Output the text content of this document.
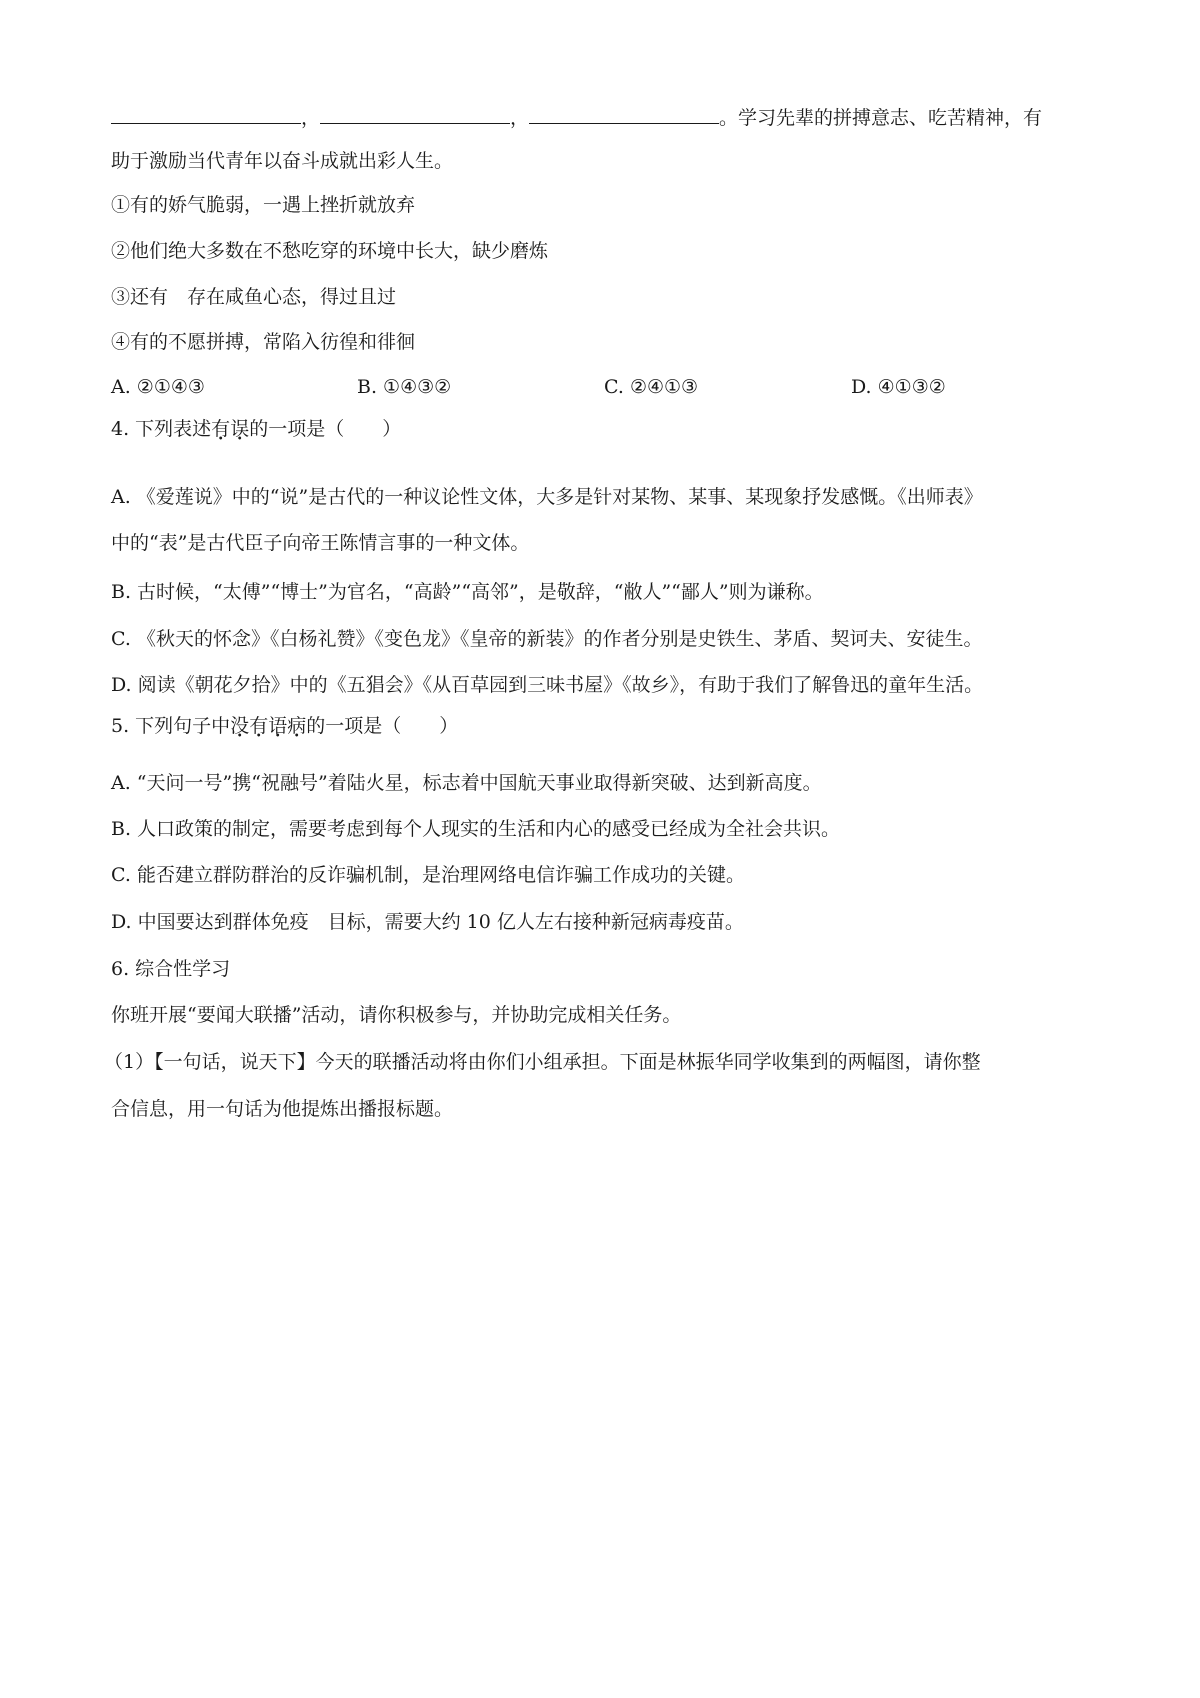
，	，	。学习先辈的拼搏意志、吃苦精神，有
助于激励当代青年以奋斗成就出彩人生。
①有的娇气脆弱，一遇上挫折就放弃
②他们绝大多数在不愁吃穿的环境中长大，缺少磨炼
③还有　存在咸鱼心态，得过且过
④有的不愿拼搏，常陷入彷徨和徘徊
A. ②①④③	B. ①④③②	C. ②④①③	D. ④①③②
4. 下列表述有误的一项是（　　）
A. 《爱莲说》中的“说”是古代的一种议论性文体，大多是针对某物、某事、某现象抒发感慨。《出师表》
中的“表”是古代臣子向帝王陈情言事的一种文体。
B. 古时候，“太傅”“博士”为官名，“高龄”“高邻”，是敬辞，“敝人”“鄙人”则为谦称。
C. 《秋天的怀念》《白杨礼赞》《变色龙》《皇帝的新装》的作者分别是史铁生、茅盾、契诃夫、安徒生。
D. 阅读《朝花夕拾》中的《五猖会》《从百草园到三味书屋》《故乡》，有助于我们了解鲁迅的童年生活。
5. 下列句子中没有语病的一项是（　　）
A. “天问一号”携“祝融号”着陆火星，标志着中国航天事业取得新突破、达到新高度。
B. 人口政策的制定，需要考虑到每个人现实的生活和内心的感受已经成为全社会共识。
C. 能否建立群防群治的反诈骗机制，是治理网络电信诈骗工作成功的关键。
D. 中国要达到群体免疫　目标，需要大约 10 亿人左右接种新冠病毒疫苗。
6. 综合性学习
你班开展“要闻大联播”活动，请你积极参与，并协助完成相关任务。
（1）【一句话，说天下】今天的联播活动将由你们小组承担。下面是林振华同学收集到的两幅图，请你整
合信息，用一句话为他提炼出播报标题。
